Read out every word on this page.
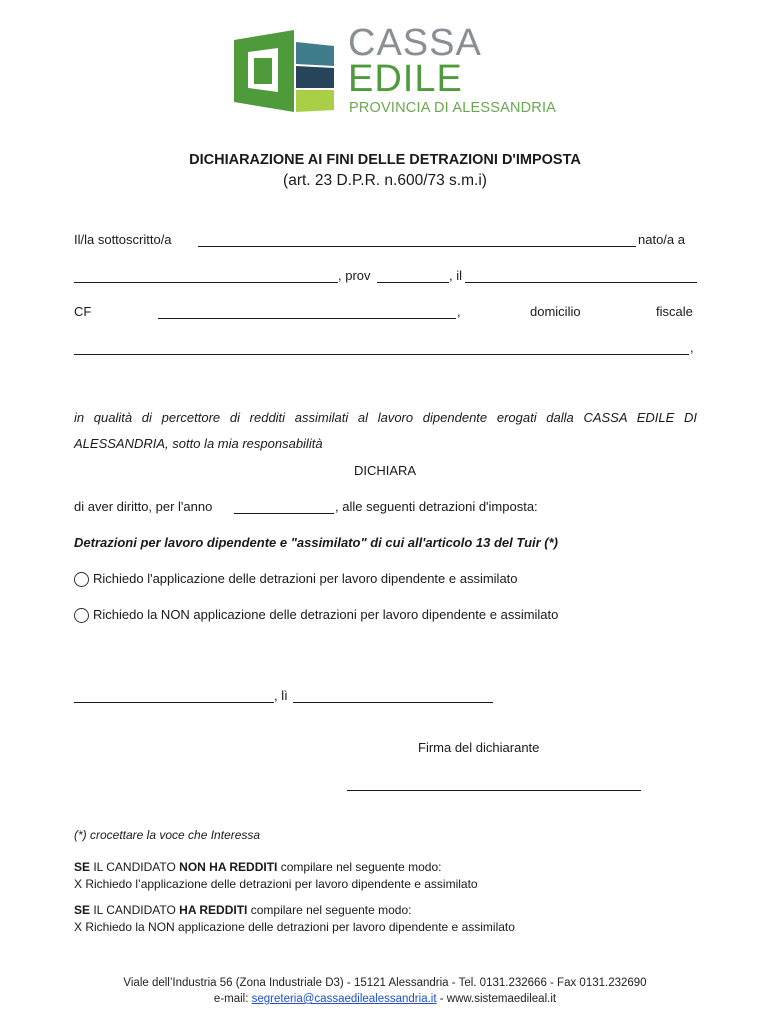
CASSA
EDILE
PROVINCIA DI ALESSANDRIA
DICHIARAZIONE AI FINI DELLE DETRAZIONI D'IMPOSTA
(art. 23 D.P.R. n.600/73 s.m.i)
Il/la sottoscritto/a	nato/a a
, prov	, il
CF	,	domicilio	fiscale
,
in qualità di percettore di redditi assimilati al lavoro dipendente erogati dalla CASSA EDILE DI
ALESSANDRIA, sotto la mia responsabilità
DICHIARA
di aver diritto, per l'anno	, alle seguenti detrazioni d'imposta:
Detrazioni per lavoro dipendente e "assimilato" di cui all'articolo 13 del Tuir (*)
Richiedo l'applicazione delle detrazioni per lavoro dipendente e assimilato
Richiedo la NON applicazione delle detrazioni per lavoro dipendente e assimilato
, lì
Firma del dichiarante
(*) crocettare la voce che Interessa
SE IL CANDIDATO NON HA REDDITI compilare nel seguente modo:
X Richiedo l’applicazione delle detrazioni per lavoro dipendente e assimilato
SE IL CANDIDATO HA REDDITI compilare nel seguente modo:
X Richiedo la NON applicazione delle detrazioni per lavoro dipendente e assimilato
Viale dell’Industria 56 (Zona Industriale D3) - 15121 Alessandria - Tel. 0131.232666 - Fax 0131.232690
e-mail: segreteria@cassaedilealessandria.it - www.sistemaedileal.it
